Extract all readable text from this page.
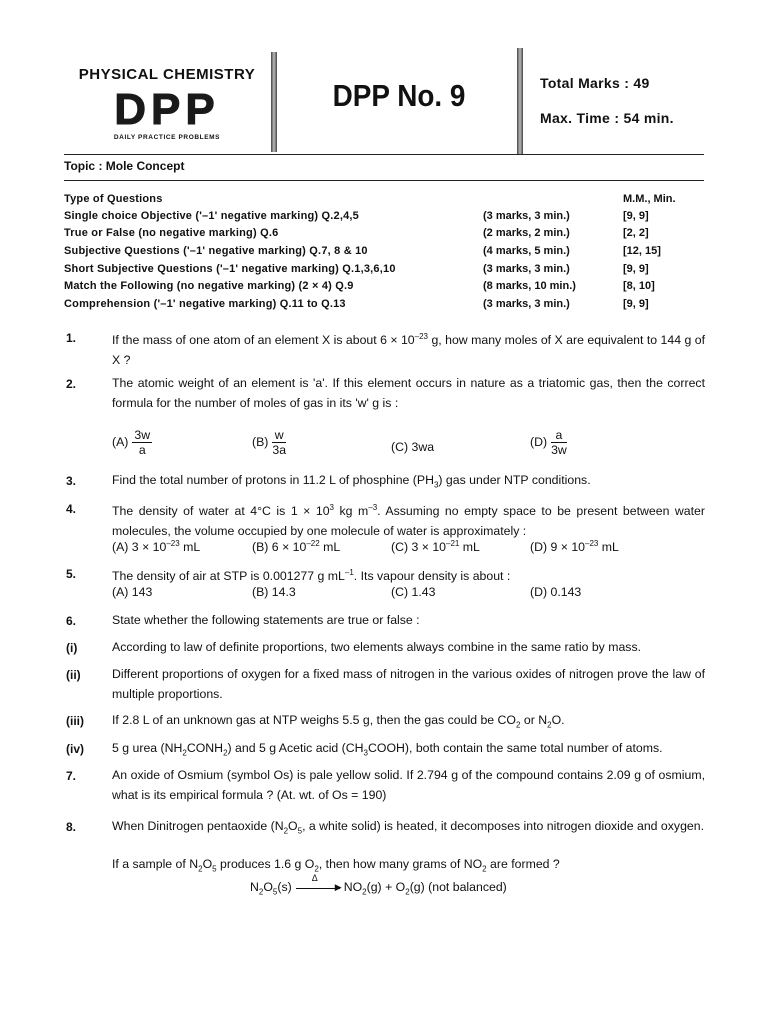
PHYSICAL CHEMISTRY
DPP
DAILY PRACTICE PROBLEMS
DPP No. 9	Total Marks : 49
Max. Time : 54 min.
Topic : Mole Concept
Type of Questions	M.M., Min.
Single choice Objective ('–1' negative marking) Q.2,4,5	(3 marks, 3 min.)	[9, 9]
True or False (no negative marking) Q.6	(2 marks, 2 min.)	[2, 2]
Subjective Questions ('–1' negative marking) Q.7, 8 & 10	(4 marks, 5 min.)	[12, 15]
Short Subjective Questions ('–1' negative marking) Q.1,3,6,10	(3 marks, 3 min.)	[9, 9]
Match the Following (no negative marking) (2 × 4) Q.9	(8 marks, 10 min.)	[8, 10]
Comprehension ('–1' negative marking) Q.11 to Q.13	(3 marks, 3 min.)	[9, 9]
1.	If the mass of one atom of an element X is about $6 \times 10^{-23}$ g, how many moles of X are equivalent to 144 g of X ?
2.	The atomic weight of an element is 'a'. If this element occurs in nature as a triatomic gas, then the correct formula for the number of moles of gas in its 'w' g is :
$(A) \frac{3w}{a}$	$(B) \frac{w}{3a}$	(C) 3wa	$(D) \frac{a}{3w}$
3.	Find the total number of protons in 11.2 L of phosphine $(PH_3)$ gas under NTP conditions.
4.	The density of water at 4°C is $1 \times 10^3$ kg $m^{-3}$. Assuming no empty space to be present between water molecules, the volume occupied by one molecule of water is approximately :
(A) $3 \times 10^{-23}$ mL	(B) $6 \times 10^{-22}$ mL	(C) $3 \times 10^{-21}$ mL	(D) $9 \times 10^{-23}$ mL
5.	The density of air at STP is 0.001277 g $mL^{-1}$. Its vapour density is about :
(A) 143	(B) 14.3	(C) 1.43	(D) 0.143
6.	State whether the following statements are true or false :
(i)	According to law of definite proportions, two elements always combine in the same ratio by mass.
(ii)	Different proportions of oxygen for a fixed mass of nitrogen in the various oxides of nitrogen prove the law of multiple proportions.
(iii) If 2.8 L of an unknown gas at NTP weighs 5.5 g, then the gas could be $CO_2$ or $N_2O$.
(iv) 5 g urea $(NH_2CONH_2)$ and 5 g Acetic acid $(CH_3COOH)$, both contain the same total number of atoms.
7.	An oxide of Osmium (symbol Os) is pale yellow solid. If 2.794 g of the compound contains 2.09 g of osmium, what is its empirical formula ? (At. wt. of Os = 190)
8.	When Dinitrogen pentaoxide ($N_2O_5$, a white solid) is heated, it decomposes into nitrogen dioxide and oxygen.
If a sample of $N_2O_5$ produces 1.6 g $O_2$, then how many grams of $NO_2$ are formed ?
$N_2O_5(s)$
Δ
▶ $NO_2(g) + O_2(g)$ (not balanced)
